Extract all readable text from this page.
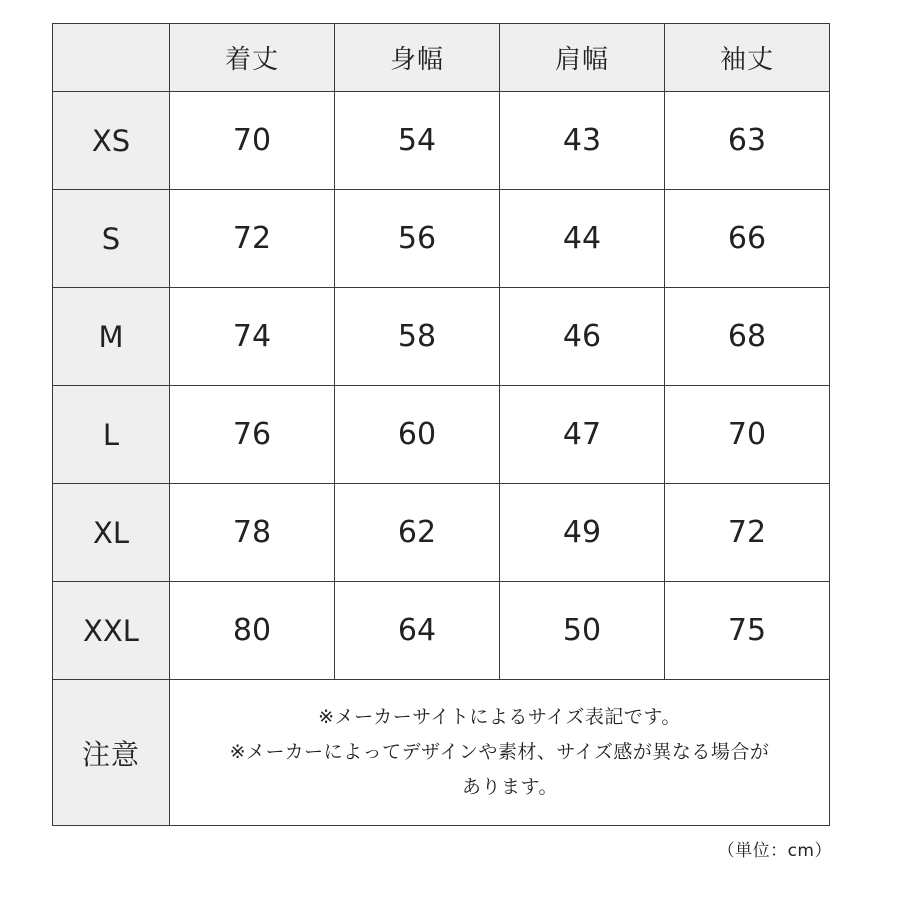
	着丈	身幅	肩幅	袖丈
XS	70	54	43	63
S	72	56	44	66
M	74	58	46	68
L	76	60	47	70
XL	78	62	49	72
XXL	80	64	50	75
注意	※メーカーサイトによるサイズ表記です。
※メーカーによってデザインや素材、サイズ感が異なる場合が
あります。			
（単位：cm）
